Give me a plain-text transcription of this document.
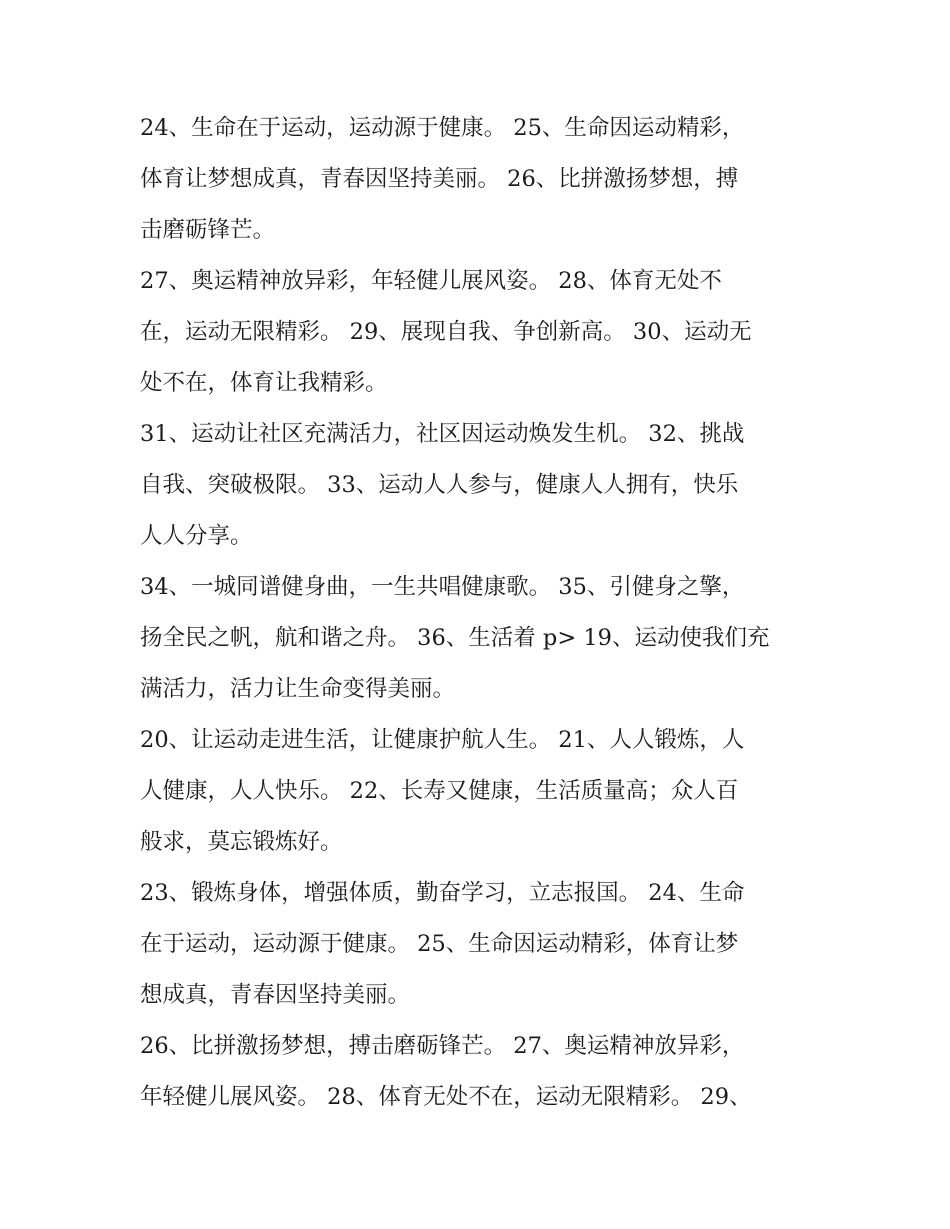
24、生命在于运动，运动源于健康。 25、生命因运动精彩，
体育让梦想成真，青春因坚持美丽。 26、比拼激扬梦想，搏
击磨砺锋芒。

27、奥运精神放异彩，年轻健儿展风姿。 28、体育无处不
在，运动无限精彩。 29、展现自我、争创新高。 30、运动无
处不在，体育让我精彩。

31、运动让社区充满活力，社区因运动焕发生机。 32、挑战
自我、突破极限。 33、运动人人参与，健康人人拥有，快乐
人人分享。

34、一城同谱健身曲，一生共唱健康歌。 35、引健身之擎，
扬全民之帆，航和谐之舟。 36、生活着 p> 19、运动使我们充
满活力，活力让生命变得美丽。

20、让运动走进生活，让健康护航人生。 21、人人锻炼，人
人健康，人人快乐。 22、长寿又健康，生活质量高；众人百
般求，莫忘锻炼好。

23、锻炼身体，增强体质，勤奋学习，立志报国。 24、生命
在于运动，运动源于健康。 25、生命因运动精彩，体育让梦
想成真，青春因坚持美丽。

26、比拼激扬梦想，搏击磨砺锋芒。 27、奥运精神放异彩，
年轻健儿展风姿。 28、体育无处不在，运动无限精彩。 29、
